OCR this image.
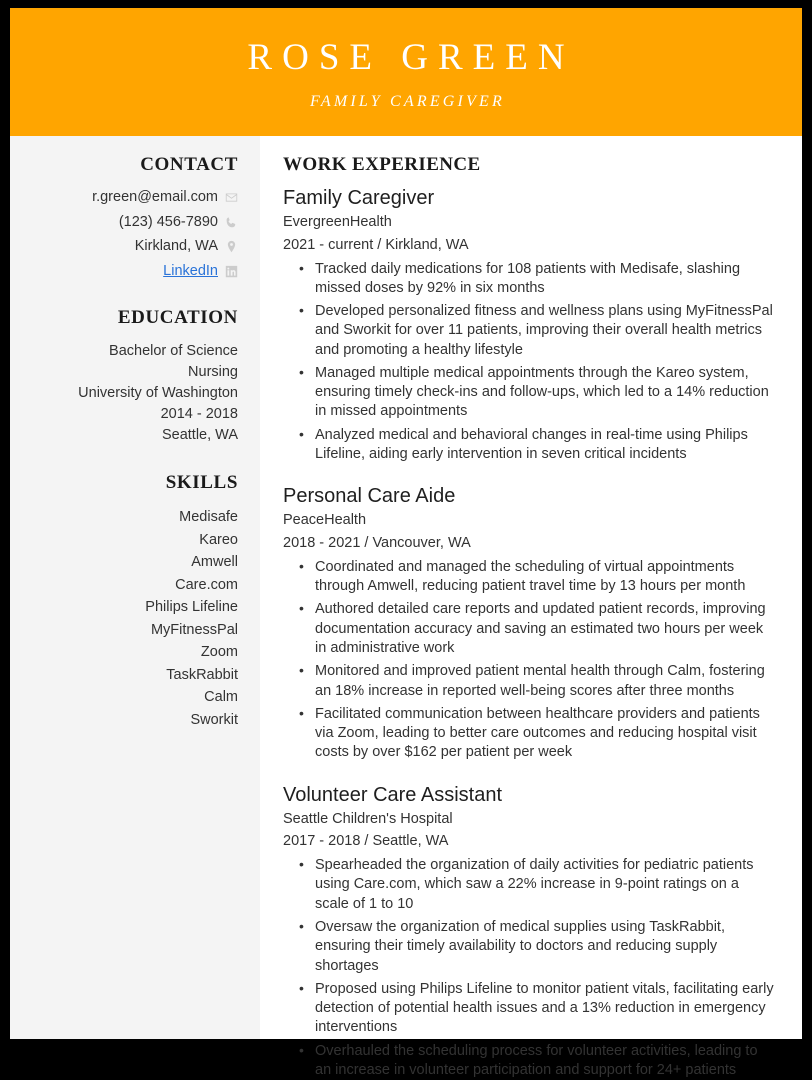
ROSE GREEN
FAMILY CAREGIVER
CONTACT
r.green@email.com
(123) 456-7890
Kirkland, WA
LinkedIn
EDUCATION
Bachelor of Science
Nursing
University of Washington
2014 - 2018
Seattle, WA
SKILLS
Medisafe
Kareo
Amwell
Care.com
Philips Lifeline
MyFitnessPal
Zoom
TaskRabbit
Calm
Sworkit
WORK EXPERIENCE
Family Caregiver
EvergreenHealth
2021 - current / Kirkland, WA
• Tracked daily medications for 108 patients with Medisafe, slashing missed doses by 92% in six months
• Developed personalized fitness and wellness plans using MyFitnessPal and Sworkit for over 11 patients, improving their overall health metrics and promoting a healthy lifestyle
• Managed multiple medical appointments through the Kareo system, ensuring timely check-ins and follow-ups, which led to a 14% reduction in missed appointments
• Analyzed medical and behavioral changes in real-time using Philips Lifeline, aiding early intervention in seven critical incidents
Personal Care Aide
PeaceHealth
2018 - 2021 / Vancouver, WA
• Coordinated and managed the scheduling of virtual appointments through Amwell, reducing patient travel time by 13 hours per month
• Authored detailed care reports and updated patient records, improving documentation accuracy and saving an estimated two hours per week in administrative work
• Monitored and improved patient mental health through Calm, fostering an 18% increase in reported well-being scores after three months
• Facilitated communication between healthcare providers and patients via Zoom, leading to better care outcomes and reducing hospital visit costs by over $162 per patient per week
Volunteer Care Assistant
Seattle Children's Hospital
2017 - 2018 / Seattle, WA
• Spearheaded the organization of daily activities for pediatric patients using Care.com, which saw a 22% increase in 9-point ratings on a scale of 1 to 10
• Oversaw the organization of medical supplies using TaskRabbit, ensuring their timely availability to doctors and reducing supply shortages
• Proposed using Philips Lifeline to monitor patient vitals, facilitating early detection of potential health issues and a 13% reduction in emergency interventions
• Overhauled the scheduling process for volunteer activities, leading to an increase in volunteer participation and support for 24+ patients
